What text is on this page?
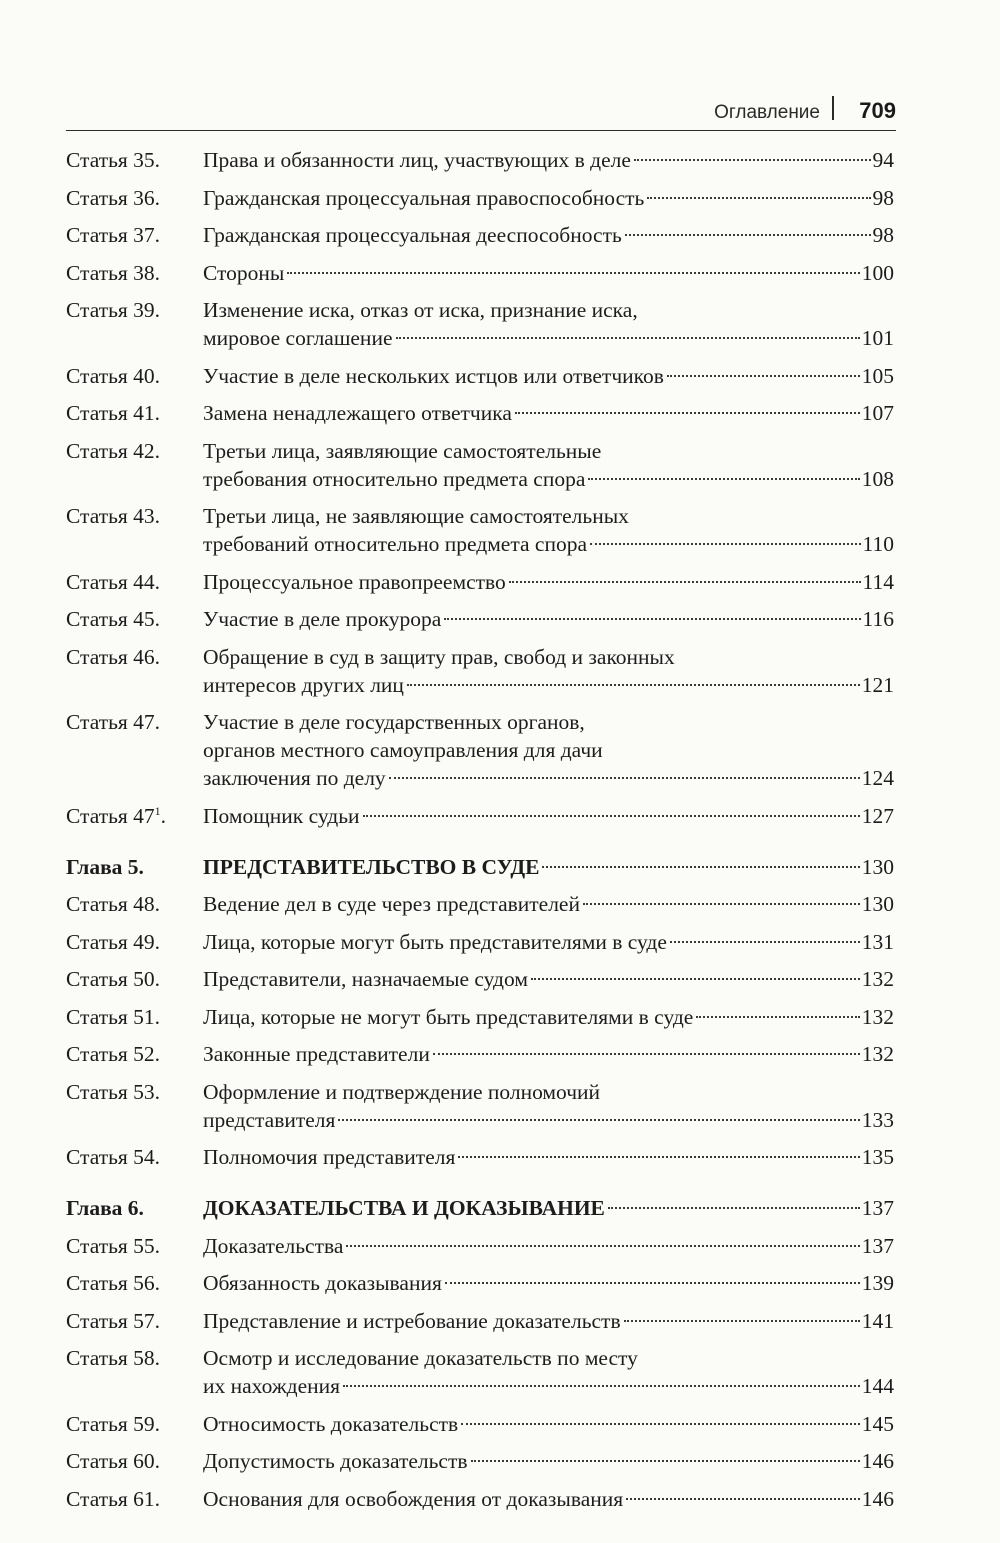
Оглавление 709
Статья 35.	Права и обязанности лиц, участвующих в деле	94
Статья 36.	Гражданская процессуальная правоспособность	98
Статья 37.	Гражданская процессуальная дееспособность	98
Статья 38.	Стороны	100
Статья 39.	Изменение иска, отказ от иска, признание иска,
мировое соглашение	101
Статья 40.	Участие в деле нескольких истцов или ответчиков	105
Статья 41.	Замена ненадлежащего ответчика	107
Статья 42.	Третьи лица, заявляющие самостоятельные
требования относительно предмета спора	108
Статья 43.	Третьи лица, не заявляющие самостоятельных
требований относительно предмета спора	110
Статья 44.	Процессуальное правопреемство	114
Статья 45.	Участие в деле прокурора	116
Статья 46.	Обращение в суд в защиту прав, свобод и законных
интересов других лиц	121
Статья 47.	Участие в деле государственных органов,
органов местного самоуправления для дачи
заключения по делу	124
Статья $47^1$.	Помощник судьи	127
Глава 5.	ПРЕДСТАВИТЕЛЬСТВО В СУДЕ	130
Статья 48.	Ведение дел в суде через представителей	130
Статья 49.	Лица, которые могут быть представителями в суде	131
Статья 50.	Представители, назначаемые судом	132
Статья 51.	Лица, которые не могут быть представителями в суде	132
Статья 52.	Законные представители	132
Статья 53.	Оформление и подтверждение полномочий
представителя	133
Статья 54.	Полномочия представителя	135
Глава 6.	ДОКАЗАТЕЛЬСТВА И ДОКАЗЫВАНИЕ	137
Статья 55.	Доказательства	137
Статья 56.	Обязанность доказывания	139
Статья 57.	Представление и истребование доказательств	141
Статья 58.	Осмотр и исследование доказательств по месту
их нахождения	144
Статья 59.	Относимость доказательств	145
Статья 60.	Допустимость доказательств	146
Статья 61.	Основания для освобождения от доказывания	146
